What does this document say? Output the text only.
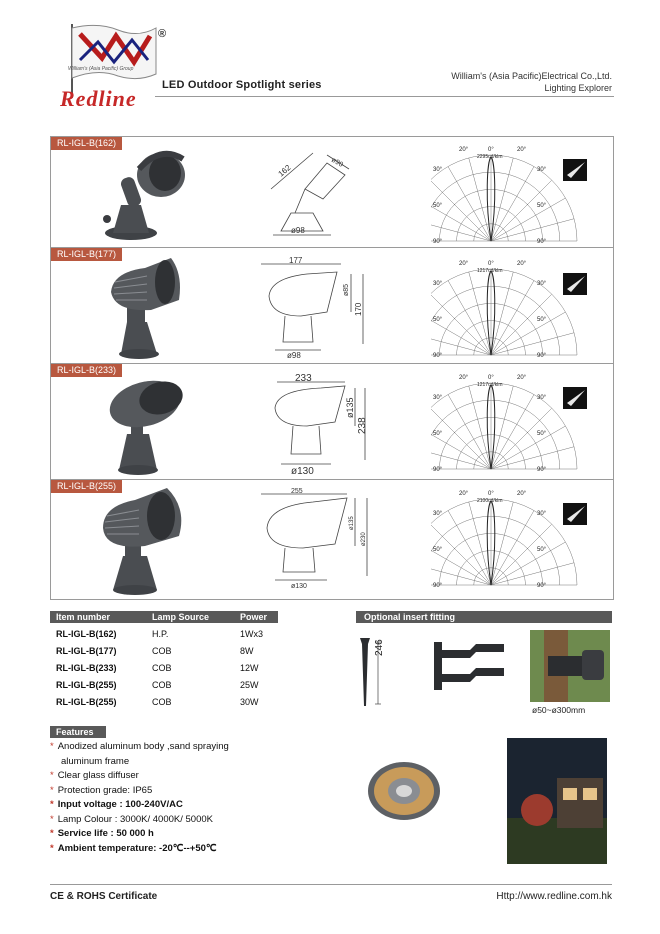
William's (Asia Pacific) Group
Redline
®
LED Outdoor Spotlight series
William's (Asia Pacific)Electrical Co.,Ltd.
Lighting Explorer
RL-IGL-B(162)
162
ø90
ø98
RL-IGL-B(177)
177
ø85
170
ø98
RL-IGL-B(233)
233
ø135
238
ø130
RL-IGL-B(255)
255
ø135
ø230
ø130
20°	0°	20°
2295cd/klm
30°
50°
90°
30°
50°
90°
20°	0°	20°
1217cd/klm
30°
50°
90°
30°
50°
90°
20°	0°	20°
1217cd/klm
30°
50°
90°
30°
50°
90°
20°	0°	20°
2100cd/klm
30°
50°
90°
30°
50°
90°
Item number	Lamp Source	Power
RL-IGL-B(162)	H.P.	1Wx3
RL-IGL-B(177)	COB	8W
RL-IGL-B(233)	COB	12W
RL-IGL-B(255)	COB	25W
RL-IGL-B(255)	COB	30W
Optional insert fitting
246
ø50~ø300mm
Features
* Anodized aluminum body ,sand spraying
aluminum frame
* Clear glass diffuser
* Protection grade: IP65
* Input voltage : 100-240V/AC
* Lamp Colour : 3000K/ 4000K/ 5000K
* Service life : 50 000 h
* Ambient temperature: -20℃--+50℃
CE & ROHS Certificate	Http://www.redline.com.hk
